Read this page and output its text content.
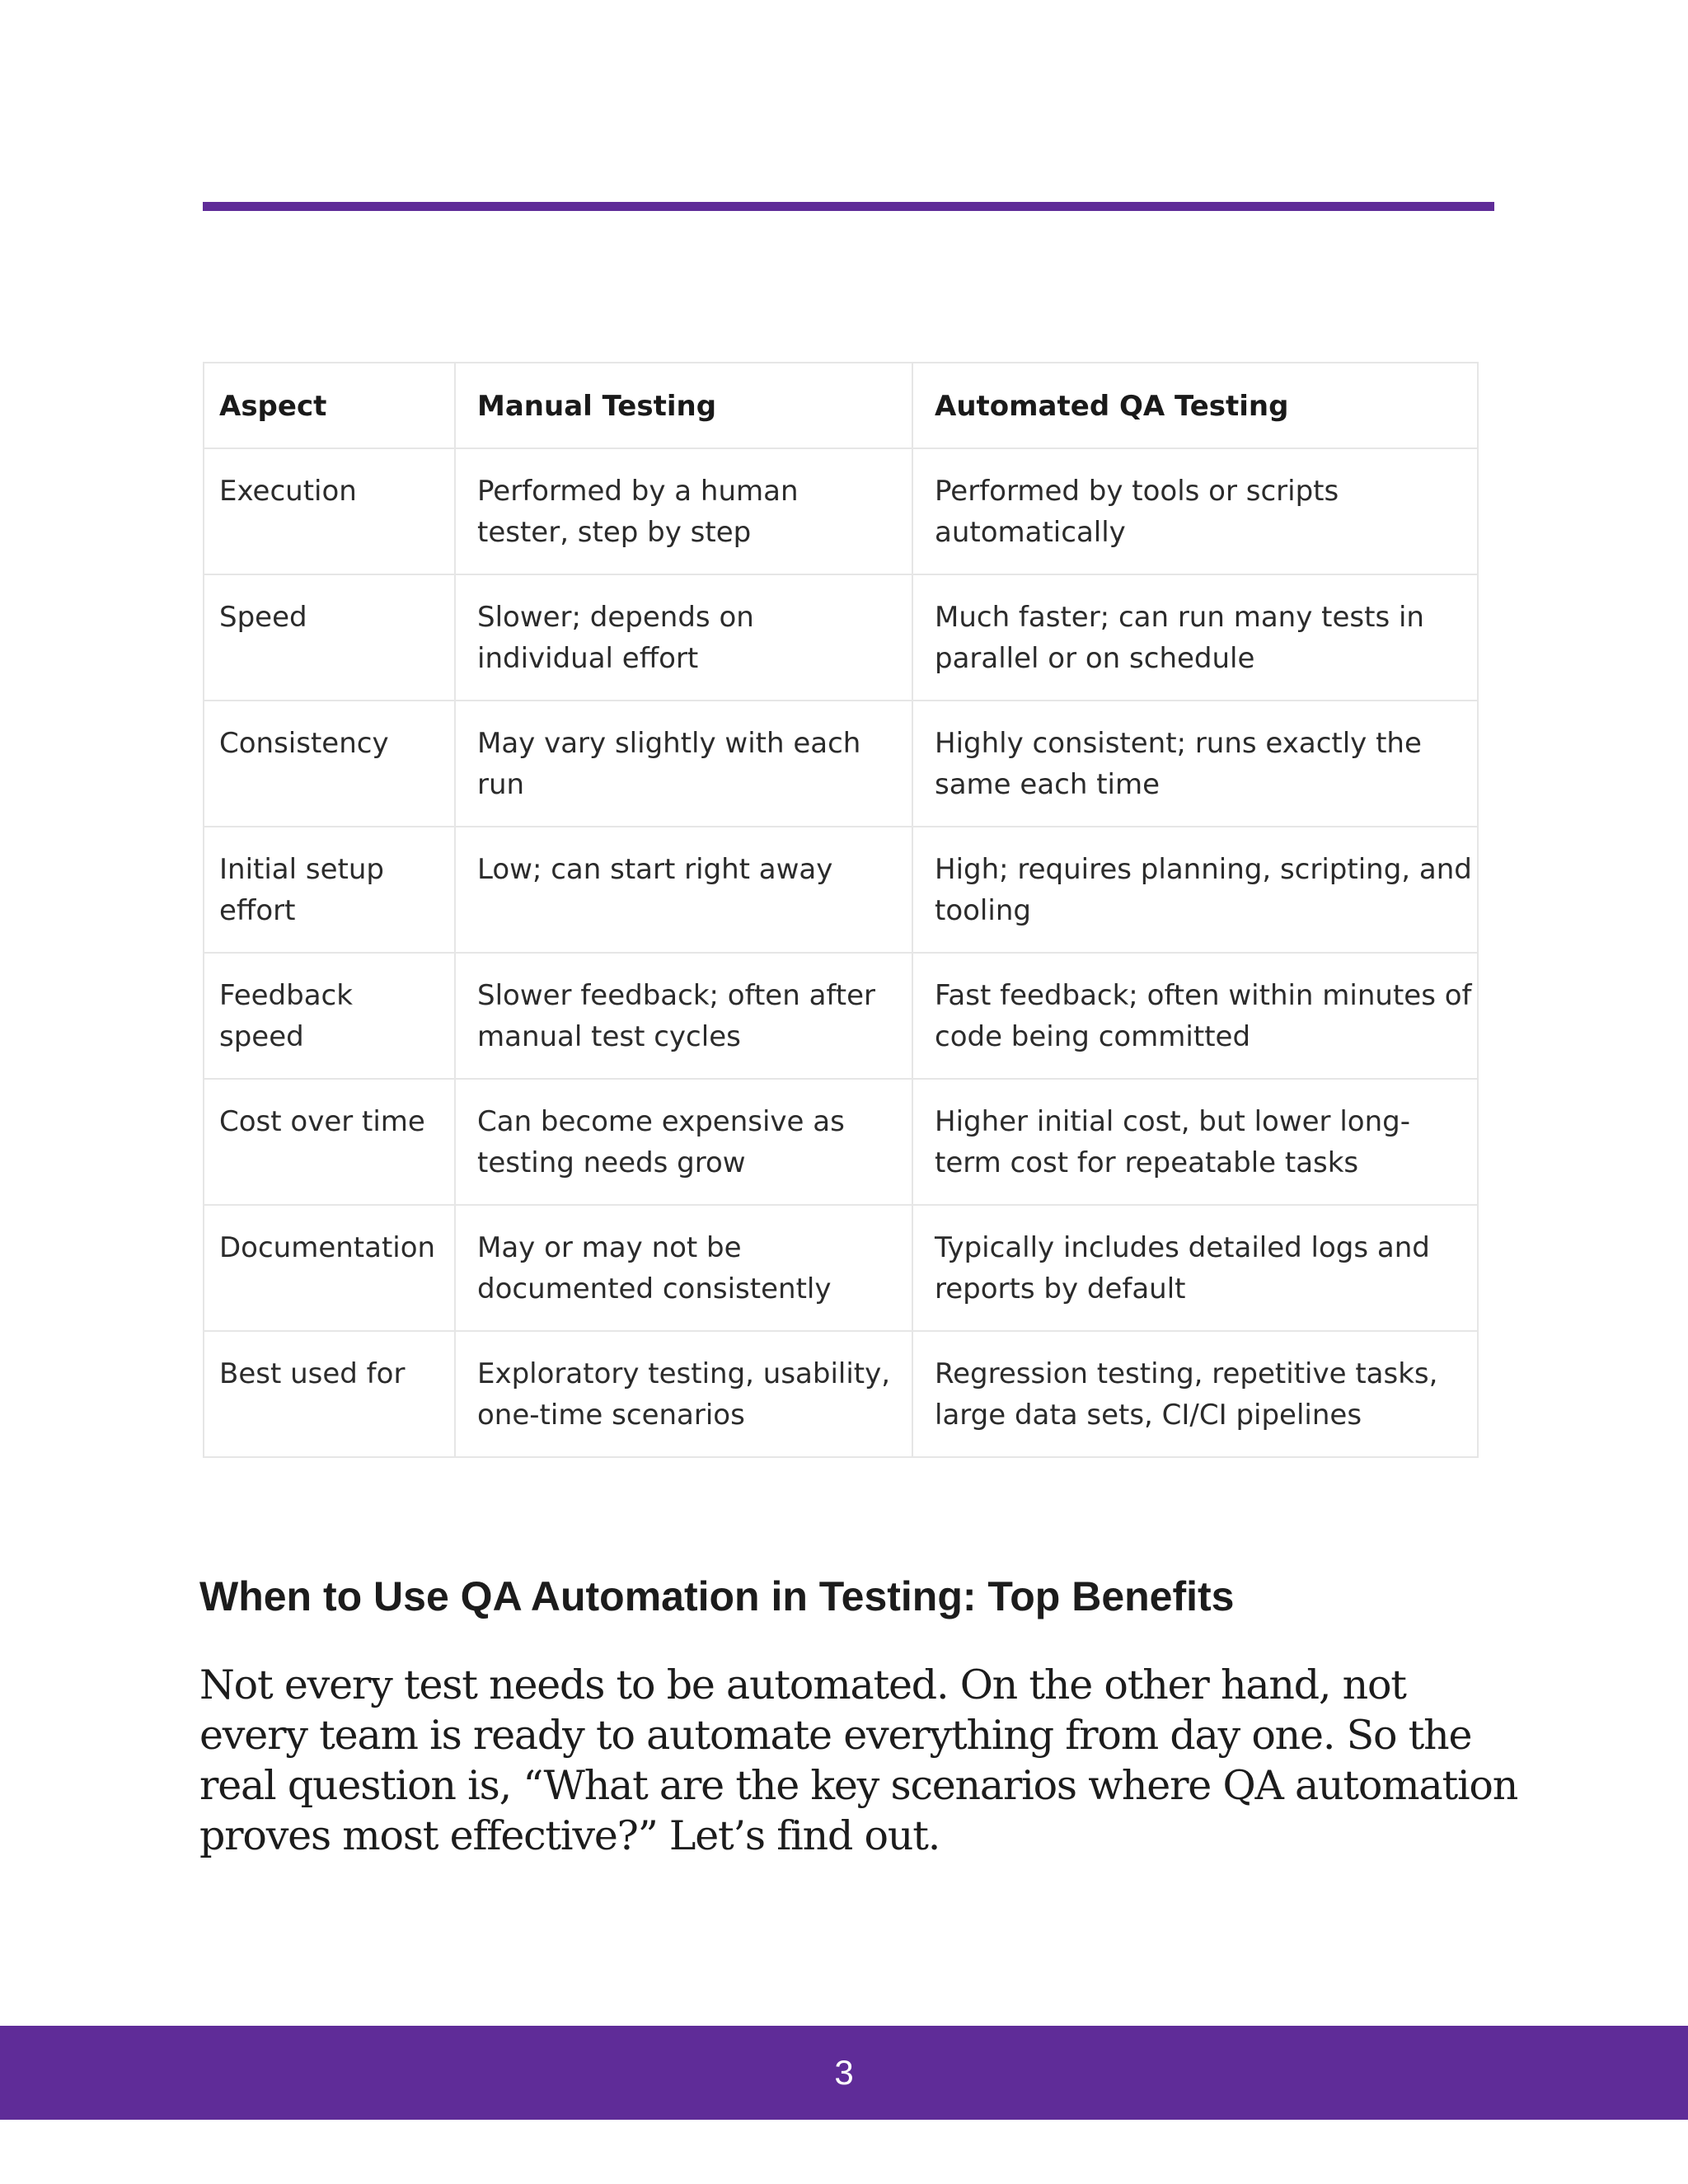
Aspect	Manual Testing	Automated QA Testing
Execution	Performed by a human tester, step by step	Performed by tools or scripts automatically
Speed	Slower; depends on individual effort	Much faster; can run many tests in parallel or on schedule
Consistency	May vary slightly with each run	Highly consistent; runs exactly the same each time
Initial setup effort	Low; can start right away	High; requires planning, scripting, and tooling
Feedback speed	Slower feedback; often after manual test cycles	Fast feedback; often within minutes of code being committed
Cost over time	Can become expensive as testing needs grow	Higher initial cost, but lower long-term cost for repeatable tasks
Documentation	May or may not be documented consistently	Typically includes detailed logs and reports by default
Best used for	Exploratory testing, usability, one-time scenarios	Regression testing, repetitive tasks, large data sets, CI/CI pipelines
When to Use QA Automation in Testing: Top Benefits

Not every test needs to be automated. On the other hand, not every team is ready to automate everything from day one. So the real question is, “What are the key scenarios where QA automation proves most effective?” Let’s find out.

3
